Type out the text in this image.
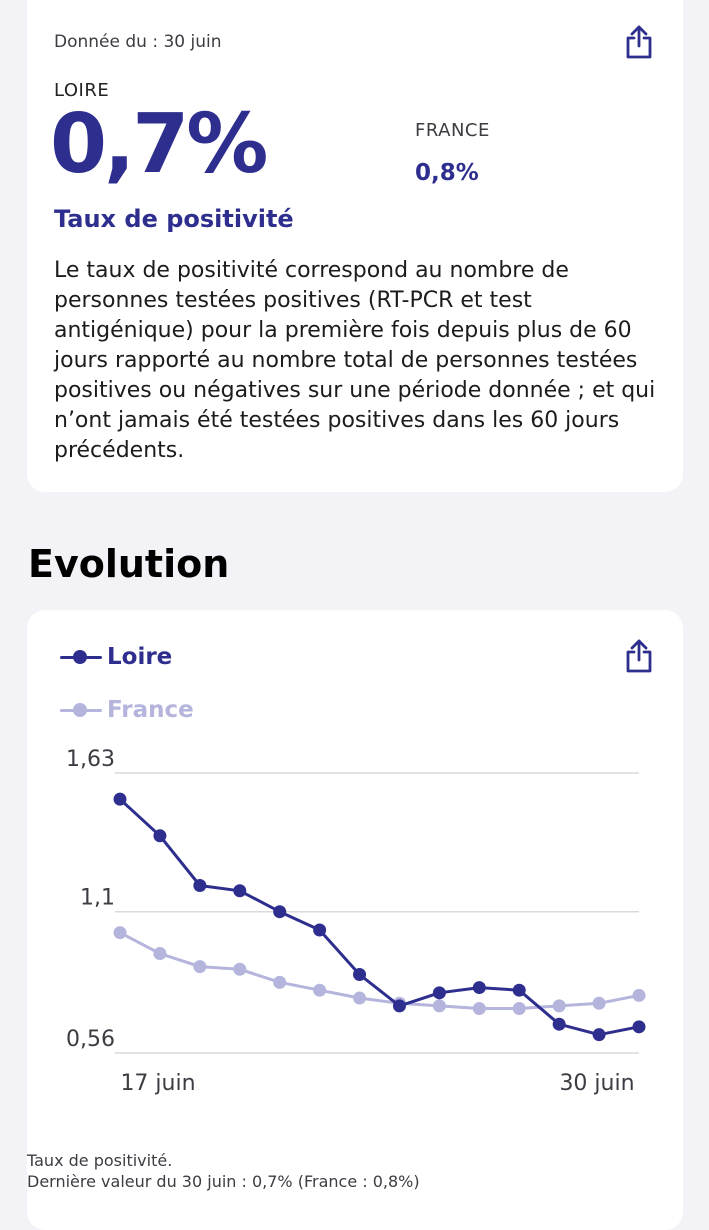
Donnée du : 30 juin
LOIRE
0,7%
Taux de positivité
FRANCE
0,8%

Le taux de positivité correspond au nombre de personnes testées positives (RT-PCR et test antigénique) pour la première fois depuis plus de 60 jours rapporté au nombre total de personnes testées positives ou négatives sur une période donnée ; et qui n’ont jamais été testées positives dans les 60 jours précédents.

Evolution
Loire
France
1,63
1,1
0,56
17 juin	30 juin
Taux de positivité.
Dernière valeur du 30 juin : 0,7% (France : 0,8%)
